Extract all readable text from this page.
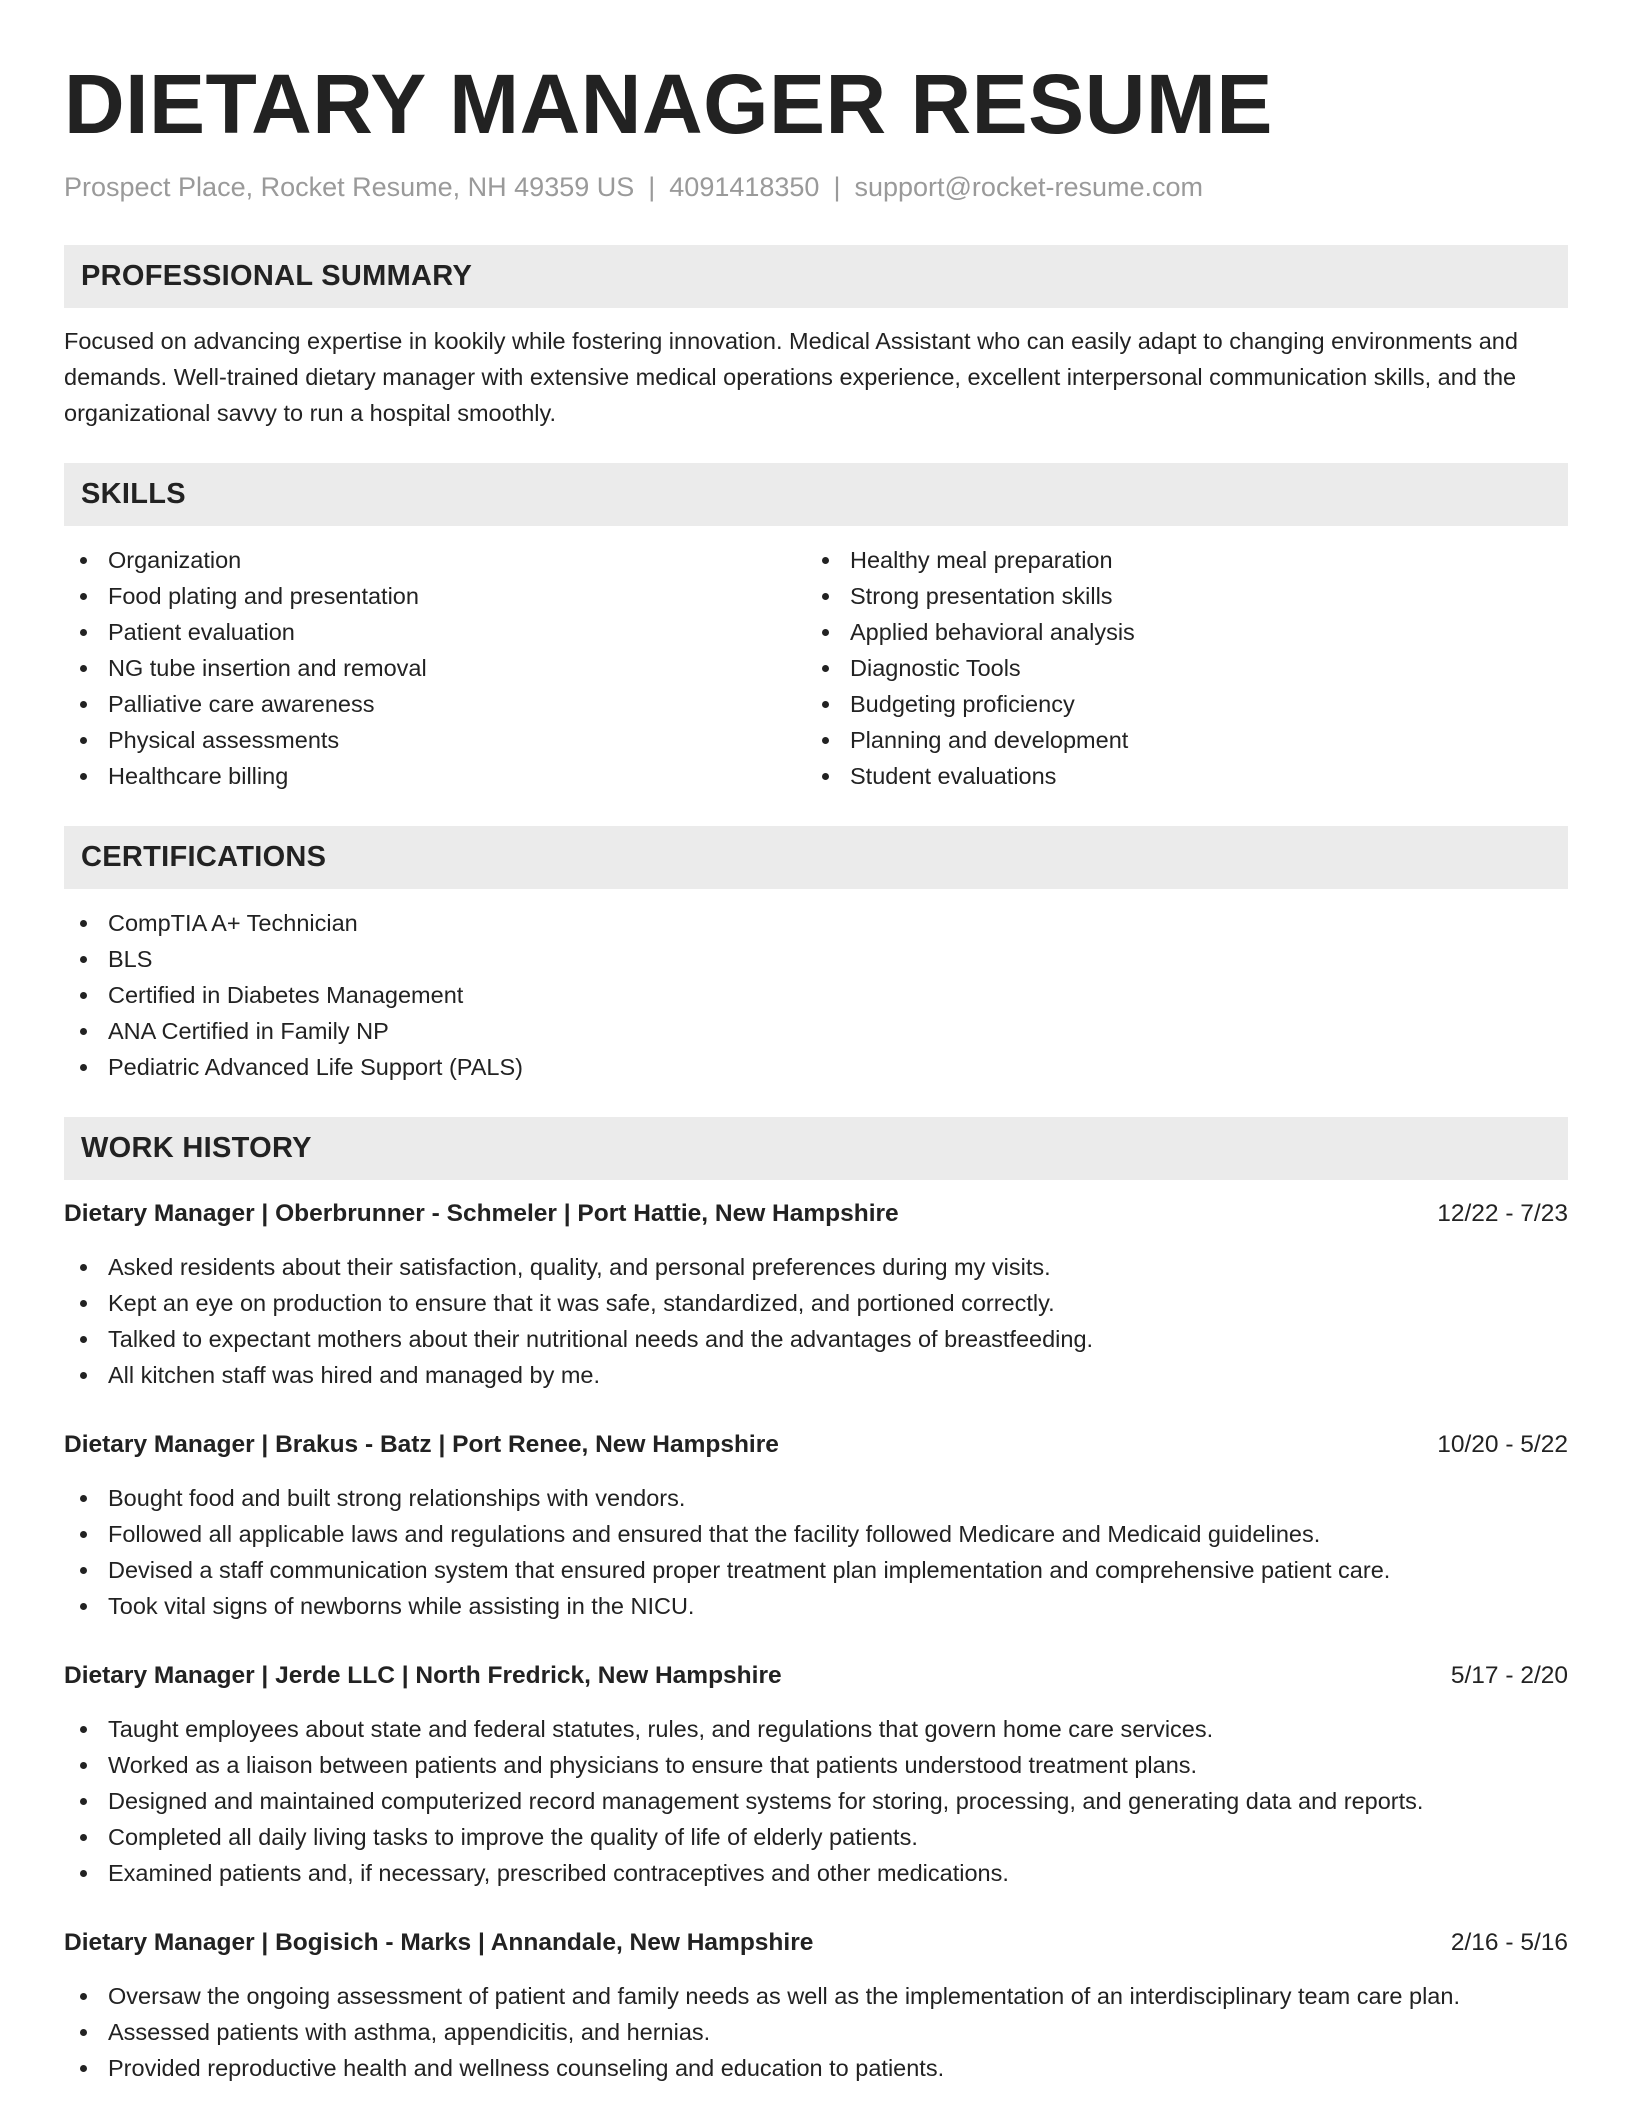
DIETARY MANAGER RESUME
Prospect Place, Rocket Resume, NH 49359 US | 4091418350 | support@rocket-resume.com
PROFESSIONAL SUMMARY
Focused on advancing expertise in kookily while fostering innovation. Medical Assistant who can easily adapt to changing environments and demands. Well-trained dietary manager with extensive medical operations experience, excellent interpersonal communication skills, and the organizational savvy to run a hospital smoothly.
SKILLS
Organization
Food plating and presentation
Patient evaluation
NG tube insertion and removal
Palliative care awareness
Physical assessments
Healthcare billing
Healthy meal preparation
Strong presentation skills
Applied behavioral analysis
Diagnostic Tools
Budgeting proficiency
Planning and development
Student evaluations
CERTIFICATIONS
CompTIA A+ Technician
BLS
Certified in Diabetes Management
ANA Certified in Family NP
Pediatric Advanced Life Support (PALS)
WORK HISTORY
Dietary Manager | Oberbrunner - Schmeler | Port Hattie, New Hampshire	12/22 - 7/23
Asked residents about their satisfaction, quality, and personal preferences during my visits.
Kept an eye on production to ensure that it was safe, standardized, and portioned correctly.
Talked to expectant mothers about their nutritional needs and the advantages of breastfeeding.
All kitchen staff was hired and managed by me.
Dietary Manager | Brakus - Batz | Port Renee, New Hampshire	10/20 - 5/22
Bought food and built strong relationships with vendors.
Followed all applicable laws and regulations and ensured that the facility followed Medicare and Medicaid guidelines.
Devised a staff communication system that ensured proper treatment plan implementation and comprehensive patient care.
Took vital signs of newborns while assisting in the NICU.
Dietary Manager | Jerde LLC | North Fredrick, New Hampshire	5/17 - 2/20
Taught employees about state and federal statutes, rules, and regulations that govern home care services.
Worked as a liaison between patients and physicians to ensure that patients understood treatment plans.
Designed and maintained computerized record management systems for storing, processing, and generating data and reports.
Completed all daily living tasks to improve the quality of life of elderly patients.
Examined patients and, if necessary, prescribed contraceptives and other medications.
Dietary Manager | Bogisich - Marks | Annandale, New Hampshire	2/16 - 5/16
Oversaw the ongoing assessment of patient and family needs as well as the implementation of an interdisciplinary team care plan.
Assessed patients with asthma, appendicitis, and hernias.
Provided reproductive health and wellness counseling and education to patients.
